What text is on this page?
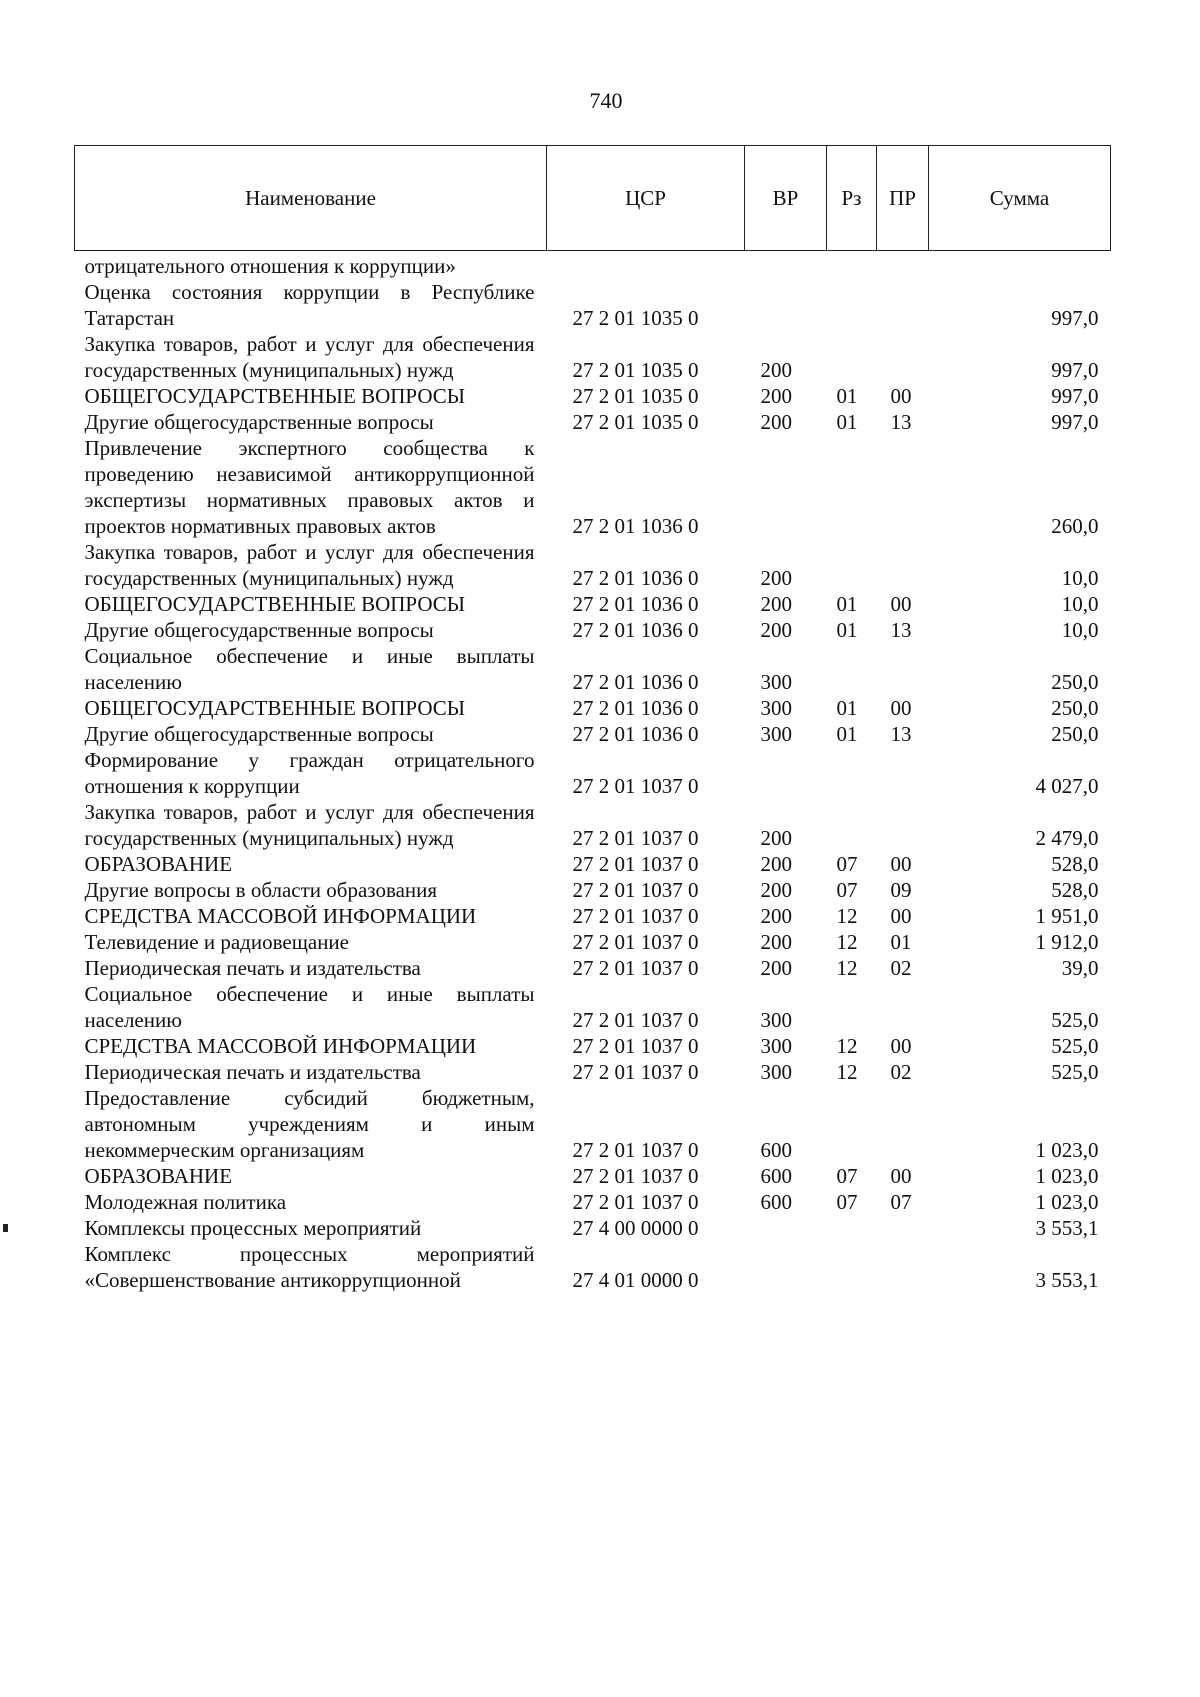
740
Наименование	ЦСР	ВР	Рз	ПР	Сумма
отрицательного отношения к коррупции»					
Оценка состояния коррупции в Республике Татарстан	27 2 01 1035 0				997,0
Закупка товаров, работ и услуг для обеспечения государственных (муниципальных) нужд	27 2 01 1035 0	200			997,0
ОБЩЕГОСУДАРСТВЕННЫЕ ВОПРОСЫ	27 2 01 1035 0	200	01	00	997,0
Другие общегосударственные вопросы	27 2 01 1035 0	200	01	13	997,0
Привлечение экспертного сообщества к проведению независимой антикоррупционной экспертизы нормативных правовых актов и проектов нормативных правовых актов	27 2 01 1036 0				260,0
Закупка товаров, работ и услуг для обеспечения государственных (муниципальных) нужд	27 2 01 1036 0	200			10,0
ОБЩЕГОСУДАРСТВЕННЫЕ ВОПРОСЫ	27 2 01 1036 0	200	01	00	10,0
Другие общегосударственные вопросы	27 2 01 1036 0	200	01	13	10,0
Социальное обеспечение и иные выплаты населению	27 2 01 1036 0	300			250,0
ОБЩЕГОСУДАРСТВЕННЫЕ ВОПРОСЫ	27 2 01 1036 0	300	01	00	250,0
Другие общегосударственные вопросы	27 2 01 1036 0	300	01	13	250,0
Формирование у граждан отрицательного отношения к коррупции	27 2 01 1037 0				4 027,0
Закупка товаров, работ и услуг для обеспечения государственных (муниципальных) нужд	27 2 01 1037 0	200			2 479,0
ОБРАЗОВАНИЕ	27 2 01 1037 0	200	07	00	528,0
Другие вопросы в области образования	27 2 01 1037 0	200	07	09	528,0
СРЕДСТВА МАССОВОЙ ИНФОРМАЦИИ	27 2 01 1037 0	200	12	00	1 951,0
Телевидение и радиовещание	27 2 01 1037 0	200	12	01	1 912,0
Периодическая печать и издательства	27 2 01 1037 0	200	12	02	39,0
Социальное обеспечение и иные выплаты населению	27 2 01 1037 0	300			525,0
СРЕДСТВА МАССОВОЙ ИНФОРМАЦИИ	27 2 01 1037 0	300	12	00	525,0
Периодическая печать и издательства	27 2 01 1037 0	300	12	02	525,0
Предоставление субсидий бюджетным, автономным учреждениям и иным некоммерческим организациям	27 2 01 1037 0	600			1 023,0
ОБРАЗОВАНИЕ	27 2 01 1037 0	600	07	00	1 023,0
Молодежная политика	27 2 01 1037 0	600	07	07	1 023,0
Комплексы процессных мероприятий	27 4 00 0000 0				3 553,1
Комплекс процессных мероприятий «Совершенствование антикоррупционной	27 4 01 0000 0				3 553,1
